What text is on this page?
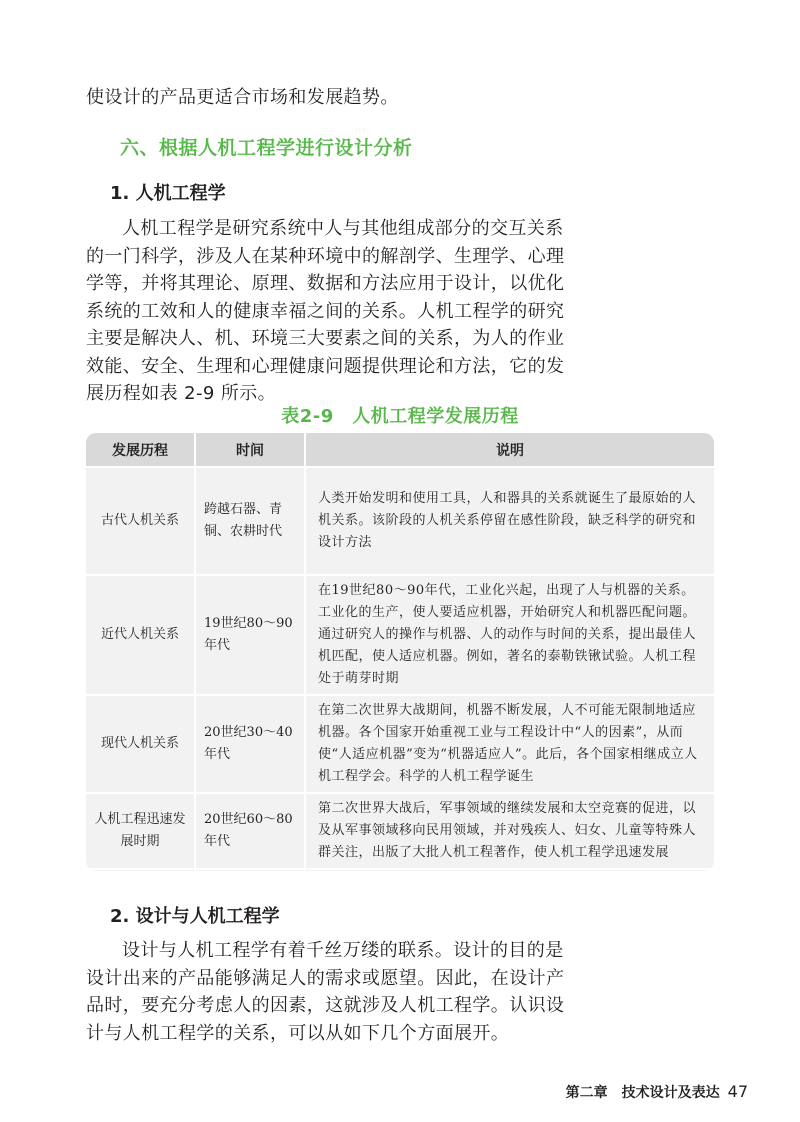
使设计的产品更适合市场和发展趋势。

六、根据人机工程学进行设计分析
1. 人机工程学

人机工程学是研究系统中人与其他组成部分的交互关系的一门科学，涉及人在某种环境中的解剖学、生理学、心理学等，并将其理论、原理、数据和方法应用于设计，以优化系统的工效和人的健康幸福之间的关系。人机工程学的研究主要是解决人、机、环境三大要素之间的关系，为人的作业效能、安全、生理和心理健康问题提供理论和方法，它的发展历程如表 2-9 所示。

表2-9　人机工程学发展历程
发展历程	时间	说明
古代人机关系	跨越石器、青铜、农耕时代	人类开始发明和使用工具，人和器具的关系就诞生了最原始的人机关系。该阶段的人机关系停留在感性阶段，缺乏科学的研究和设计方法
近代人机关系	19世纪80～90年代	在19世纪80～90年代，工业化兴起，出现了人与机器的关系。工业化的生产，使人要适应机器，开始研究人和机器匹配问题。通过研究人的操作与机器、人的动作与时间的关系，提出最佳人机匹配，使人适应机器。例如，著名的泰勒铁锹试验。人机工程处于萌芽时期
现代人机关系	20世纪30～40年代	在第二次世界大战期间，机器不断发展，人不可能无限制地适应机器。各个国家开始重视工业与工程设计中“人的因素”，从而使“人适应机器”变为“机器适应人”。此后，各个国家相继成立人机工程学会。科学的人机工程学诞生
人机工程迅速发展时期	20世纪60～80年代	第二次世界大战后，军事领域的继续发展和太空竞赛的促进，以及从军事领域移向民用领域，并对残疾人、妇女、儿童等特殊人群关注，出版了大批人机工程著作，使人机工程学迅速发展

2. 设计与人机工程学

设计与人机工程学有着千丝万缕的联系。设计的目的是设计出来的产品能够满足人的需求或愿望。因此，在设计产品时，要充分考虑人的因素，这就涉及人机工程学。认识设计与人机工程学的关系，可以从如下几个方面展开。

第二章　技术设计及表达 47
